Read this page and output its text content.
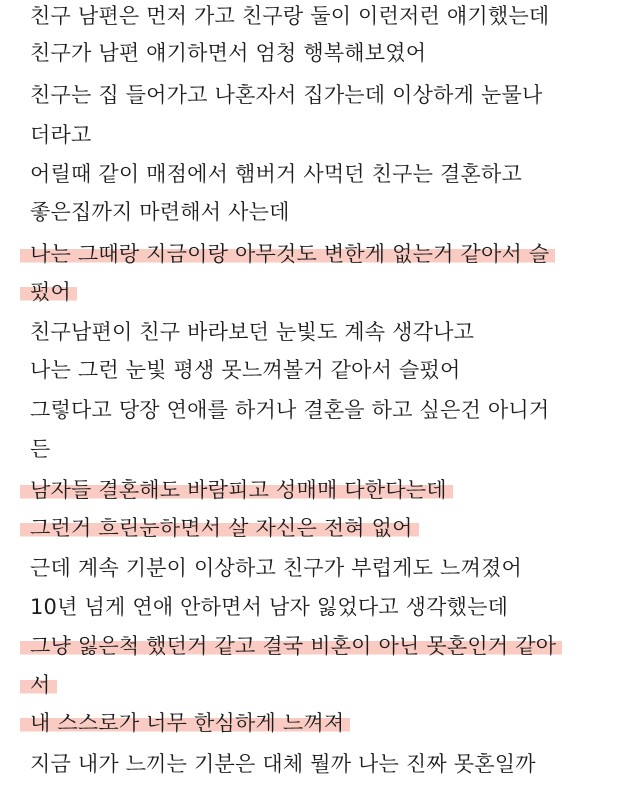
친구 남편은 먼저 가고 친구랑 둘이 이런저런 얘기했는데
친구가 남편 얘기하면서 엄청 행복해보였어
친구는 집 들어가고 나혼자서 집가는데 이상하게 눈물나
더라고
어릴때 같이 매점에서 햄버거 사먹던 친구는 결혼하고
좋은집까지 마련해서 사는데
나는 그때랑 지금이랑 아무것도 변한게 없는거 같아서 슬
펐어
친구남편이 친구 바라보던 눈빛도 계속 생각나고
나는 그런 눈빛 평생 못느껴볼거 같아서 슬펐어
그렇다고 당장 연애를 하거나 결혼을 하고 싶은건 아니거
든
남자들 결혼해도 바람피고 성매매 다한다는데
그런거 흐린눈하면서 살 자신은 전혀 없어
근데 계속 기분이 이상하고 친구가 부럽게도 느껴졌어
10년 넘게 연애 안하면서 남자 잃었다고 생각했는데
그냥 잃은척 했던거 같고 결국 비혼이 아닌 못혼인거 같아
서
내 스스로가 너무 한심하게 느껴져
지금 내가 느끼는 기분은 대체 뭘까 나는 진짜 못혼일까
